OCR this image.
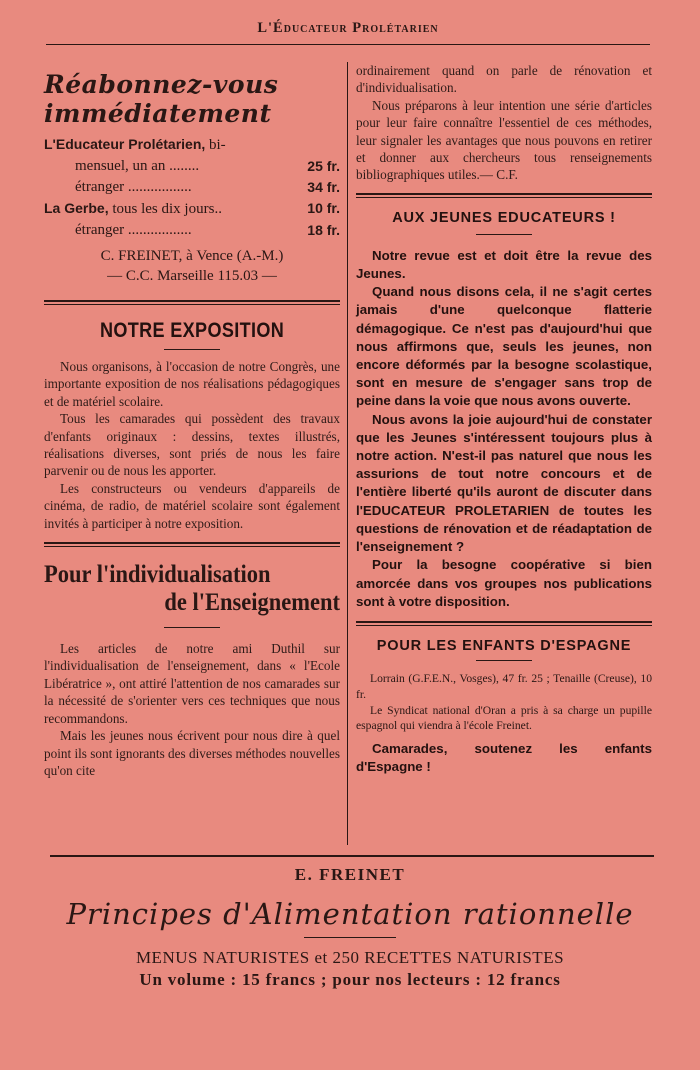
L'Éducateur Prolétarien
Réabonnez-vous immédiatement
L'Educateur Prolétarien, bi-
mensuel, un an ........	25 fr.
étranger .................	34 fr.
La Gerbe, tous les dix jours..	10 fr.
étranger .................	18 fr.
C. FREINET, à Vence (A.-M.)
— C.C. Marseille 115.03 —
NOTRE EXPOSITION

Nous organisons, à l'occasion de notre Congrès, une importante exposition de nos réalisations pédagogiques et de matériel scolaire.

Tous les camarades qui possèdent des travaux d'enfants originaux : dessins, textes illustrés, réalisations diverses, sont priés de nous les faire parvenir ou de nous les apporter.

Les constructeurs ou vendeurs d'appareils de cinéma, de radio, de matériel scolaire sont également invités à participer à notre exposition.

Pour l'individualisation
de l'Enseignement

Les articles de notre ami Duthil sur l'individualisation de l'enseignement, dans « l'Ecole Libératrice », ont attiré l'attention de nos camarades sur la nécessité de s'orienter vers ces techniques que nous recommandons.

Mais les jeunes nous écrivent pour nous dire à quel point ils sont ignorants des diverses méthodes nouvelles qu'on cite

ordinairement quand on parle de rénovation et d'individualisation.

Nous préparons à leur intention une série d'articles pour leur faire connaître l'essentiel de ces méthodes, leur signaler les avantages que nous pouvons en retirer et donner aux chercheurs tous renseignements bibliographiques utiles.— C.F.

AUX JEUNES EDUCATEURS !

Notre revue est et doit être la revue des Jeunes.

Quand nous disons cela, il ne s'agit certes jamais d'une quelconque flatterie démagogique. Ce n'est pas d'aujourd'hui que nous affirmons que, seuls les jeunes, non encore déformés par la besogne scolastique, sont en mesure de s'engager sans trop de peine dans la voie que nous avons ouverte.

Nous avons la joie aujourd'hui de constater que les Jeunes s'intéressent toujours plus à notre action. N'est-il pas naturel que nous les assurions de tout notre concours et de l'entière liberté qu'ils auront de discuter dans l'EDUCATEUR PROLETARIEN de toutes les questions de rénovation et de réadaptation de l'enseignement ?

Pour la besogne coopérative si bien amorcée dans vos groupes nos publications sont à votre disposition.

POUR LES ENFANTS D'ESPAGNE

Lorrain (G.F.E.N., Vosges), 47 fr. 25 ; Tenaille (Creuse), 10 fr.

Le Syndicat national d'Oran a pris à sa charge un pupille espagnol qui viendra à l'école Freinet.

Camarades, soutenez les enfants d'Espagne !

E. FREINET
Principes d'Alimentation rationnelle
MENUS NATURISTES et 250 RECETTES NATURISTES
Un volume : 15 francs ; pour nos lecteurs : 12 francs
